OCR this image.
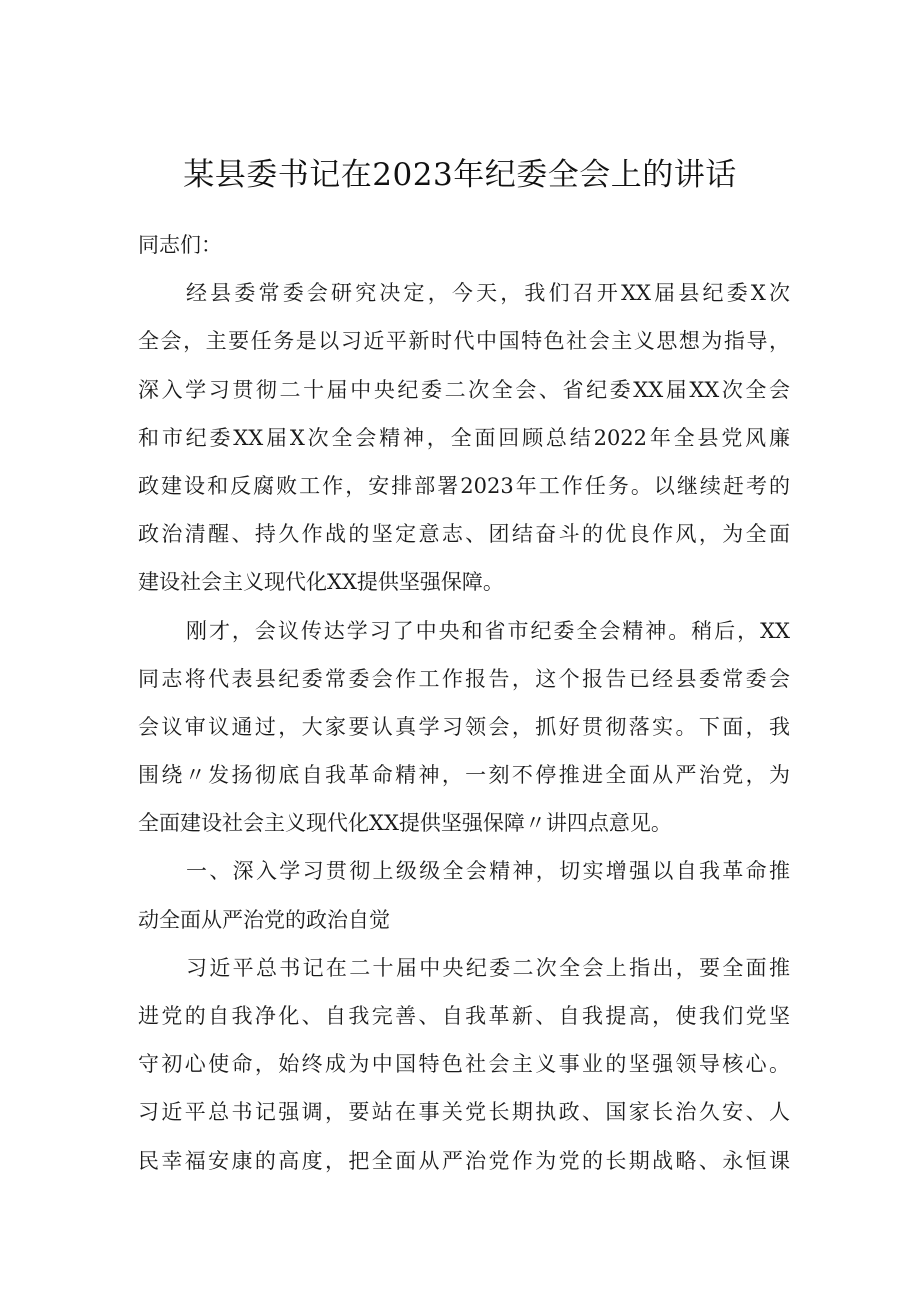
某县委书记在2023年纪委全会上的讲话
同志们：
经县委常委会研究决定，今天，我们召开XX届县纪委X次
全会，主要任务是以习近平新时代中国特色社会主义思想为指导，
深入学习贯彻二十届中央纪委二次全会、省纪委XX届XX次全会
和市纪委XX届X次全会精神，全面回顾总结2022年全县党风廉
政建设和反腐败工作，安排部署2023年工作任务。以继续赶考的
政治清醒、持久作战的坚定意志、团结奋斗的优良作风，为全面
建设社会主义现代化XX提供坚强保障。
刚才，会议传达学习了中央和省市纪委全会精神。稍后，XX
同志将代表县纪委常委会作工作报告，这个报告已经县委常委会
会议审议通过，大家要认真学习领会，抓好贯彻落实。下面，我
围绕〃发扬彻底自我革命精神，一刻不停推进全面从严治党，为
全面建设社会主义现代化XX提供坚强保障〃讲四点意见。
一、深入学习贯彻上级级全会精神，切实增强以自我革命推
动全面从严治党的政治自觉
习近平总书记在二十届中央纪委二次全会上指出，要全面推
进党的自我净化、自我完善、自我革新、自我提高，使我们党坚
守初心使命，始终成为中国特色社会主义事业的坚强领导核心。
习近平总书记强调，要站在事关党长期执政、国家长治久安、人
民幸福安康的高度，把全面从严治党作为党的长期战略、永恒课
